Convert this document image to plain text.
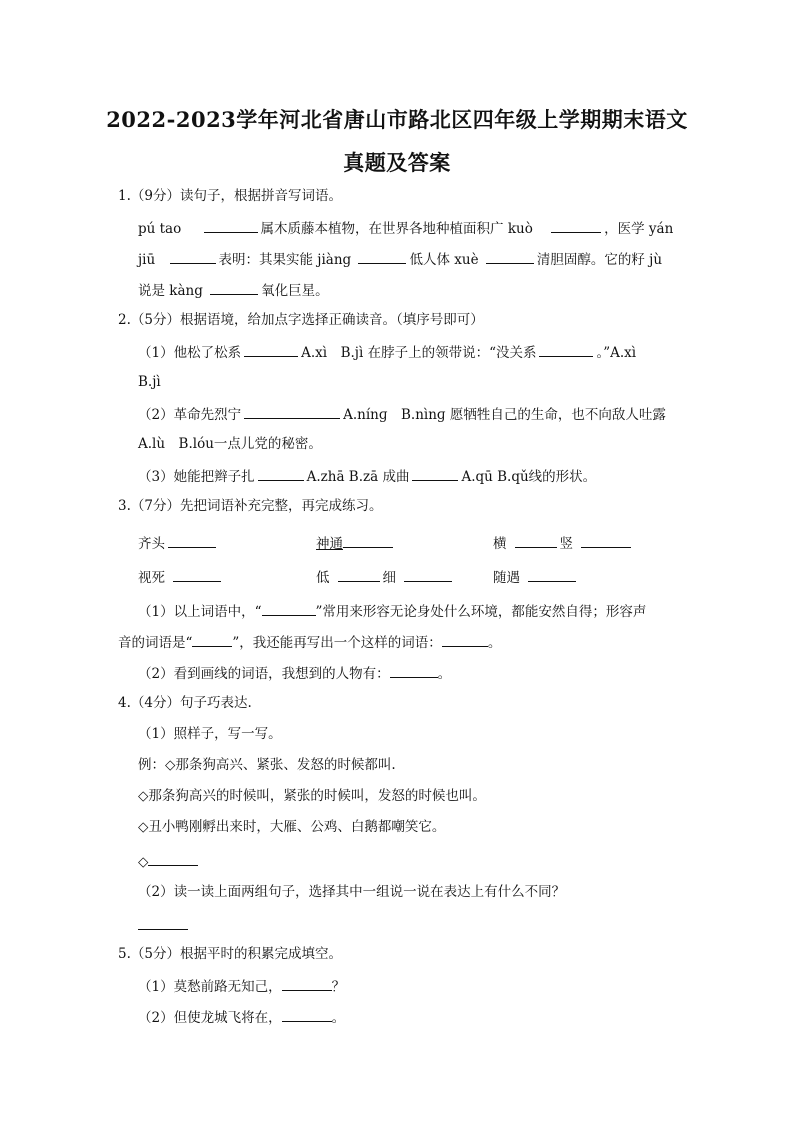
2022-2023学年河北省唐山市路北区四年级上学期期末语文
真题及答案
1.（9分）读句子，根据拼音写词语。
pú tao	属木质藤本植物，在世界各地种植面积广 kuò	，医学 yán
jiū	表明：其果实能 jiàng	低人体 xuè	清胆固醇。它的籽 jù
说是 kàng	氧化巨星。
2.（5分）根据语境，给加点字选择正确读音。（填序号即可）
（1）他松了松系	A.xì　B.jì 在脖子上的领带说：“没关系	。”A.xì
B.jì
（2）革命先烈宁	A.nínɡ　B.nìnɡ 愿牺牲自己的生命，也不向敌人吐露
A.lù　B.lóu一点儿党的秘密。
（3）她能把辫子扎	A.zhā B.zā 成曲	A.qū B.qǔ线的形状。
3.（7分）先把词语补充完整，再完成练习。
齐头	神通	横	竖
视死	低	细	随遇
（1）以上词语中，“	”常用来形容无论身处什么环境，都能安然自得；形容声
音的词语是“	”，我还能再写出一个这样的词语：	。
（2）看到画线的词语，我想到的人物有：	。
4.（4分）句子巧表达.
（1）照样子，写一写。
例：◇那条狗高兴、紧张、发怒的时候都叫.
◇那条狗高兴的时候叫，紧张的时候叫，发怒的时候也叫。
◇丑小鸭刚孵出来时，大雁、公鸡、白鹅都嘲笑它。
◇
（2）读一读上面两组句子，选择其中一组说一说在表达上有什么不同？
5.（5分）根据平时的积累完成填空。
（1）莫愁前路无知己，	？
（2）但使龙城飞将在，	。
